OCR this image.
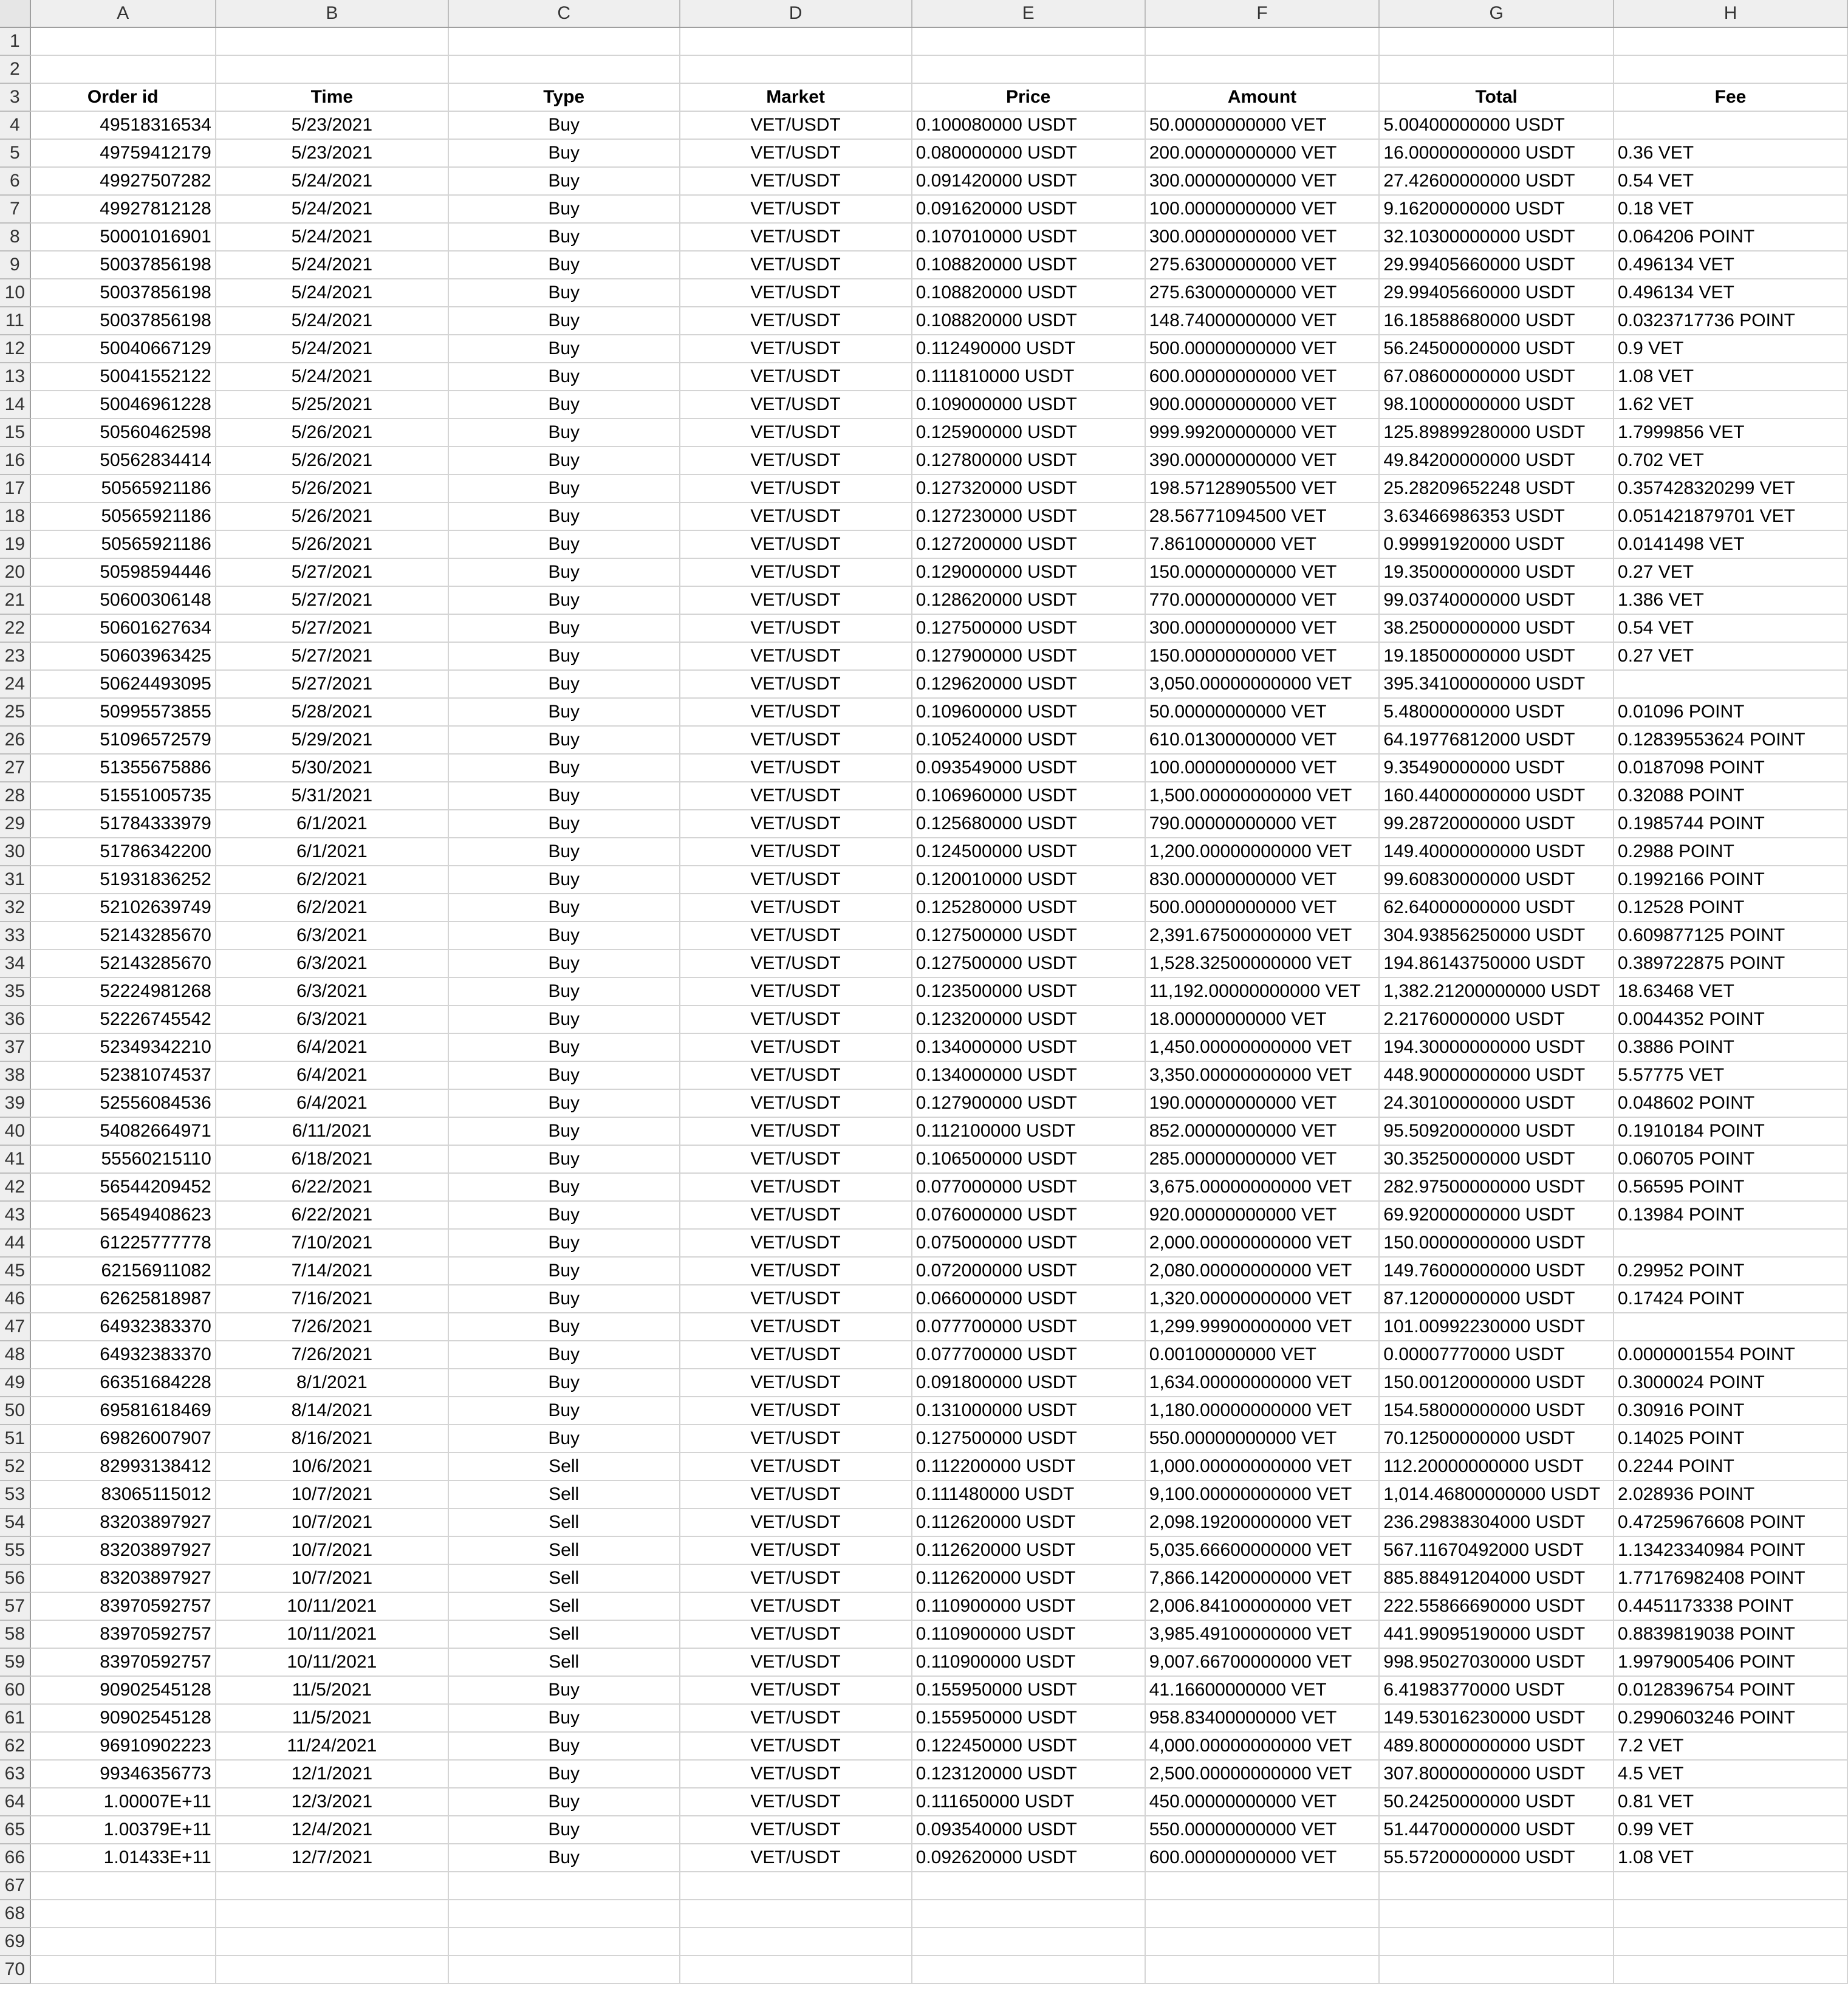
	A	B	C	D	E	F	G	H
1								
2								
3	Order id	Time	Type	Market	Price	Amount	Total	Fee
4	49518316534	5/23/2021	Buy	VET/USDT	0.100080000 USDT	50.00000000000 VET	5.00400000000 USDT	
5	49759412179	5/23/2021	Buy	VET/USDT	0.080000000 USDT	200.00000000000 VET	16.00000000000 USDT	0.36 VET
6	49927507282	5/24/2021	Buy	VET/USDT	0.091420000 USDT	300.00000000000 VET	27.42600000000 USDT	0.54 VET
7	49927812128	5/24/2021	Buy	VET/USDT	0.091620000 USDT	100.00000000000 VET	9.16200000000 USDT	0.18 VET
8	50001016901	5/24/2021	Buy	VET/USDT	0.107010000 USDT	300.00000000000 VET	32.10300000000 USDT	0.064206 POINT
9	50037856198	5/24/2021	Buy	VET/USDT	0.108820000 USDT	275.63000000000 VET	29.99405660000 USDT	0.496134 VET
10	50037856198	5/24/2021	Buy	VET/USDT	0.108820000 USDT	275.63000000000 VET	29.99405660000 USDT	0.496134 VET
11	50037856198	5/24/2021	Buy	VET/USDT	0.108820000 USDT	148.74000000000 VET	16.18588680000 USDT	0.0323717736 POINT
12	50040667129	5/24/2021	Buy	VET/USDT	0.112490000 USDT	500.00000000000 VET	56.24500000000 USDT	0.9 VET
13	50041552122	5/24/2021	Buy	VET/USDT	0.111810000 USDT	600.00000000000 VET	67.08600000000 USDT	1.08 VET
14	50046961228	5/25/2021	Buy	VET/USDT	0.109000000 USDT	900.00000000000 VET	98.10000000000 USDT	1.62 VET
15	50560462598	5/26/2021	Buy	VET/USDT	0.125900000 USDT	999.99200000000 VET	125.89899280000 USDT	1.7999856 VET
16	50562834414	5/26/2021	Buy	VET/USDT	0.127800000 USDT	390.00000000000 VET	49.84200000000 USDT	0.702 VET
17	50565921186	5/26/2021	Buy	VET/USDT	0.127320000 USDT	198.57128905500 VET	25.28209652248 USDT	0.357428320299 VET
18	50565921186	5/26/2021	Buy	VET/USDT	0.127230000 USDT	28.56771094500 VET	3.63466986353 USDT	0.051421879701 VET
19	50565921186	5/26/2021	Buy	VET/USDT	0.127200000 USDT	7.86100000000 VET	0.99991920000 USDT	0.0141498 VET
20	50598594446	5/27/2021	Buy	VET/USDT	0.129000000 USDT	150.00000000000 VET	19.35000000000 USDT	0.27 VET
21	50600306148	5/27/2021	Buy	VET/USDT	0.128620000 USDT	770.00000000000 VET	99.03740000000 USDT	1.386 VET
22	50601627634	5/27/2021	Buy	VET/USDT	0.127500000 USDT	300.00000000000 VET	38.25000000000 USDT	0.54 VET
23	50603963425	5/27/2021	Buy	VET/USDT	0.127900000 USDT	150.00000000000 VET	19.18500000000 USDT	0.27 VET
24	50624493095	5/27/2021	Buy	VET/USDT	0.129620000 USDT	3,050.00000000000 VET	395.34100000000 USDT	
25	50995573855	5/28/2021	Buy	VET/USDT	0.109600000 USDT	50.00000000000 VET	5.48000000000 USDT	0.01096 POINT
26	51096572579	5/29/2021	Buy	VET/USDT	0.105240000 USDT	610.01300000000 VET	64.19776812000 USDT	0.12839553624 POINT
27	51355675886	5/30/2021	Buy	VET/USDT	0.093549000 USDT	100.00000000000 VET	9.35490000000 USDT	0.0187098 POINT
28	51551005735	5/31/2021	Buy	VET/USDT	0.106960000 USDT	1,500.00000000000 VET	160.44000000000 USDT	0.32088 POINT
29	51784333979	6/1/2021	Buy	VET/USDT	0.125680000 USDT	790.00000000000 VET	99.28720000000 USDT	0.1985744 POINT
30	51786342200	6/1/2021	Buy	VET/USDT	0.124500000 USDT	1,200.00000000000 VET	149.40000000000 USDT	0.2988 POINT
31	51931836252	6/2/2021	Buy	VET/USDT	0.120010000 USDT	830.00000000000 VET	99.60830000000 USDT	0.1992166 POINT
32	52102639749	6/2/2021	Buy	VET/USDT	0.125280000 USDT	500.00000000000 VET	62.64000000000 USDT	0.12528 POINT
33	52143285670	6/3/2021	Buy	VET/USDT	0.127500000 USDT	2,391.67500000000 VET	304.93856250000 USDT	0.609877125 POINT
34	52143285670	6/3/2021	Buy	VET/USDT	0.127500000 USDT	1,528.32500000000 VET	194.86143750000 USDT	0.389722875 POINT
35	52224981268	6/3/2021	Buy	VET/USDT	0.123500000 USDT	11,192.00000000000 VET	1,382.21200000000 USDT	18.63468 VET
36	52226745542	6/3/2021	Buy	VET/USDT	0.123200000 USDT	18.00000000000 VET	2.21760000000 USDT	0.0044352 POINT
37	52349342210	6/4/2021	Buy	VET/USDT	0.134000000 USDT	1,450.00000000000 VET	194.30000000000 USDT	0.3886 POINT
38	52381074537	6/4/2021	Buy	VET/USDT	0.134000000 USDT	3,350.00000000000 VET	448.90000000000 USDT	5.57775 VET
39	52556084536	6/4/2021	Buy	VET/USDT	0.127900000 USDT	190.00000000000 VET	24.30100000000 USDT	0.048602 POINT
40	54082664971	6/11/2021	Buy	VET/USDT	0.112100000 USDT	852.00000000000 VET	95.50920000000 USDT	0.1910184 POINT
41	55560215110	6/18/2021	Buy	VET/USDT	0.106500000 USDT	285.00000000000 VET	30.35250000000 USDT	0.060705 POINT
42	56544209452	6/22/2021	Buy	VET/USDT	0.077000000 USDT	3,675.00000000000 VET	282.97500000000 USDT	0.56595 POINT
43	56549408623	6/22/2021	Buy	VET/USDT	0.076000000 USDT	920.00000000000 VET	69.92000000000 USDT	0.13984 POINT
44	61225777778	7/10/2021	Buy	VET/USDT	0.075000000 USDT	2,000.00000000000 VET	150.00000000000 USDT	
45	62156911082	7/14/2021	Buy	VET/USDT	0.072000000 USDT	2,080.00000000000 VET	149.76000000000 USDT	0.29952 POINT
46	62625818987	7/16/2021	Buy	VET/USDT	0.066000000 USDT	1,320.00000000000 VET	87.12000000000 USDT	0.17424 POINT
47	64932383370	7/26/2021	Buy	VET/USDT	0.077700000 USDT	1,299.99900000000 VET	101.00992230000 USDT	
48	64932383370	7/26/2021	Buy	VET/USDT	0.077700000 USDT	0.00100000000 VET	0.00007770000 USDT	0.0000001554 POINT
49	66351684228	8/1/2021	Buy	VET/USDT	0.091800000 USDT	1,634.00000000000 VET	150.00120000000 USDT	0.3000024 POINT
50	69581618469	8/14/2021	Buy	VET/USDT	0.131000000 USDT	1,180.00000000000 VET	154.58000000000 USDT	0.30916 POINT
51	69826007907	8/16/2021	Buy	VET/USDT	0.127500000 USDT	550.00000000000 VET	70.12500000000 USDT	0.14025 POINT
52	82993138412	10/6/2021	Sell	VET/USDT	0.112200000 USDT	1,000.00000000000 VET	112.20000000000 USDT	0.2244 POINT
53	83065115012	10/7/2021	Sell	VET/USDT	0.111480000 USDT	9,100.00000000000 VET	1,014.46800000000 USDT	2.028936 POINT
54	83203897927	10/7/2021	Sell	VET/USDT	0.112620000 USDT	2,098.19200000000 VET	236.29838304000 USDT	0.47259676608 POINT
55	83203897927	10/7/2021	Sell	VET/USDT	0.112620000 USDT	5,035.66600000000 VET	567.11670492000 USDT	1.13423340984 POINT
56	83203897927	10/7/2021	Sell	VET/USDT	0.112620000 USDT	7,866.14200000000 VET	885.88491204000 USDT	1.77176982408 POINT
57	83970592757	10/11/2021	Sell	VET/USDT	0.110900000 USDT	2,006.84100000000 VET	222.55866690000 USDT	0.4451173338 POINT
58	83970592757	10/11/2021	Sell	VET/USDT	0.110900000 USDT	3,985.49100000000 VET	441.99095190000 USDT	0.8839819038 POINT
59	83970592757	10/11/2021	Sell	VET/USDT	0.110900000 USDT	9,007.66700000000 VET	998.95027030000 USDT	1.9979005406 POINT
60	90902545128	11/5/2021	Buy	VET/USDT	0.155950000 USDT	41.16600000000 VET	6.41983770000 USDT	0.0128396754 POINT
61	90902545128	11/5/2021	Buy	VET/USDT	0.155950000 USDT	958.83400000000 VET	149.53016230000 USDT	0.2990603246 POINT
62	96910902223	11/24/2021	Buy	VET/USDT	0.122450000 USDT	4,000.00000000000 VET	489.80000000000 USDT	7.2 VET
63	99346356773	12/1/2021	Buy	VET/USDT	0.123120000 USDT	2,500.00000000000 VET	307.80000000000 USDT	4.5 VET
64	1.00007E+11	12/3/2021	Buy	VET/USDT	0.111650000 USDT	450.00000000000 VET	50.24250000000 USDT	0.81 VET
65	1.00379E+11	12/4/2021	Buy	VET/USDT	0.093540000 USDT	550.00000000000 VET	51.44700000000 USDT	0.99 VET
66	1.01433E+11	12/7/2021	Buy	VET/USDT	0.092620000 USDT	600.00000000000 VET	55.57200000000 USDT	1.08 VET
67								
68								
69								
70								
